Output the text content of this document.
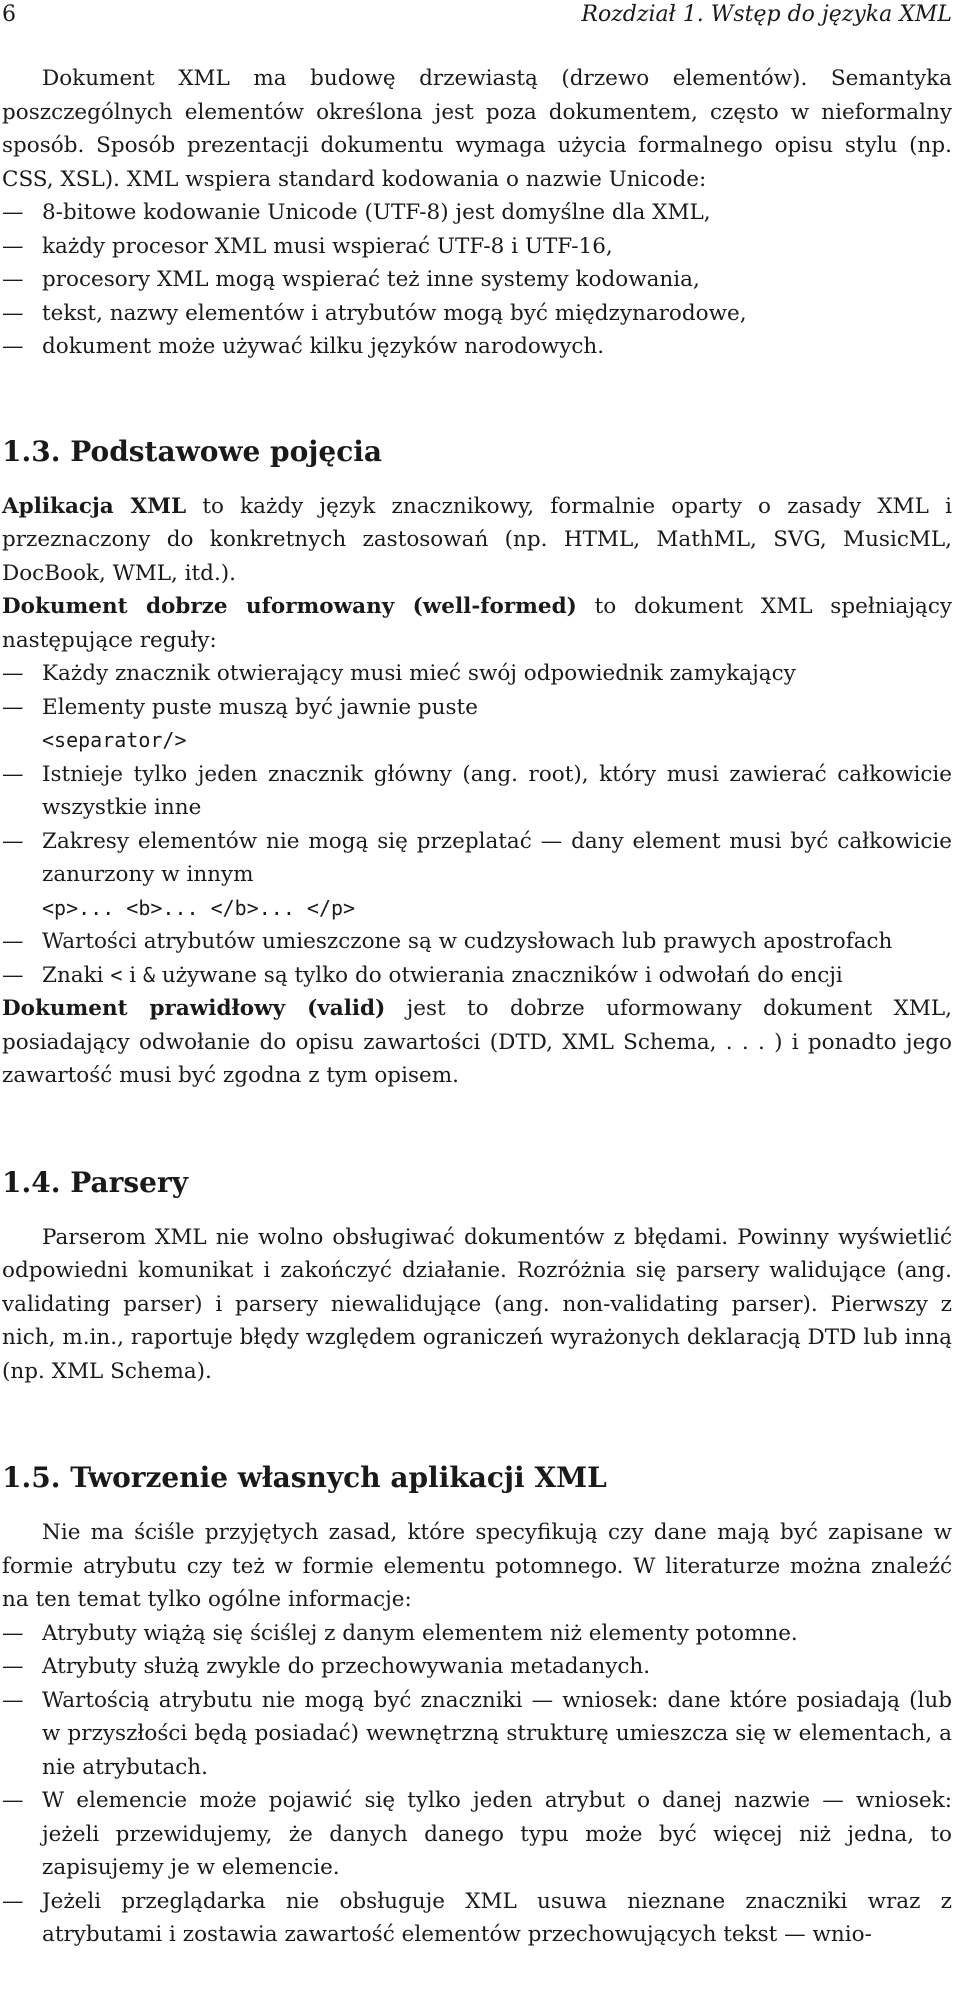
6	Rozdział 1. Wstęp do języka XML

Dokument XML ma budowę drzewiastą (drzewo elementów). Semantyka poszczególnych elementów określona jest poza dokumentem, często w nieformalny sposób. Sposób prezentacji dokumentu wymaga użycia formalnego opisu stylu (np. CSS, XSL). XML wspiera standard kodowania o nazwie Unicode:

— 8-bitowe kodowanie Unicode (UTF-8) jest domyślne dla XML,
— każdy procesor XML musi wspierać UTF-8 i UTF-16,
— procesory XML mogą wspierać też inne systemy kodowania,
— tekst, nazwy elementów i atrybutów mogą być międzynarodowe,
— dokument może używać kilku języków narodowych.
1.3. Podstawowe pojęcia

Aplikacja XML to każdy język znacznikowy, formalnie oparty o zasady XML i przeznaczony do konkretnych zastosowań (np. HTML, MathML, SVG, MusicML, DocBook, WML, itd.).

Dokument dobrze uformowany (well-formed) to dokument XML spełniający następujące reguły:

— Każdy znacznik otwierający musi mieć swój odpowiednik zamykający
— Elementy puste muszą być jawnie puste
<separator/>
— Istnieje tylko jeden znacznik główny (ang. root), który musi zawierać całkowicie wszystkie inne
— Zakresy elementów nie mogą się przeplatać — dany element musi być całkowicie zanurzony w innym
<p>... <b>... </b>... </p>
— Wartości atrybutów umieszczone są w cudzysłowach lub prawych apostrofach
— Znaki < i & używane są tylko do otwierania znaczników i odwołań do encji

Dokument prawidłowy (valid) jest to dobrze uformowany dokument XML, posiadający odwołanie do opisu zawartości (DTD, XML Schema, . . . ) i ponadto jego zawartość musi być zgodna z tym opisem.

1.4. Parsery

Parserom XML nie wolno obsługiwać dokumentów z błędami. Powinny wyświetlić odpowiedni komunikat i zakończyć działanie. Rozróżnia się parsery walidujące (ang. validating parser) i parsery niewalidujące (ang. non-validating parser). Pierwszy z nich, m.in., raportuje błędy względem ograniczeń wyrażonych deklaracją DTD lub inną (np. XML Schema).

1.5. Tworzenie własnych aplikacji XML

Nie ma ściśle przyjętych zasad, które specyfikują czy dane mają być zapisane w formie atrybutu czy też w formie elementu potomnego. W literaturze można znaleźć na ten temat tylko ogólne informacje:

— Atrybuty wiążą się ściślej z danym elementem niż elementy potomne.
— Atrybuty służą zwykle do przechowywania metadanych.
— Wartością atrybutu nie mogą być znaczniki — wniosek: dane które posiadają (lub w przyszłości będą posiadać) wewnętrzną strukturę umieszcza się w elementach, a nie atrybutach.
— W elemencie może pojawić się tylko jeden atrybut o danej nazwie — wniosek: jeżeli przewidujemy, że danych danego typu może być więcej niż jedna, to zapisujemy je w elemencie.
— Jeżeli przeglądarka nie obsługuje XML usuwa nieznane znaczniki wraz z atrybutami i zostawia zawartość elementów przechowujących tekst — wnio-
